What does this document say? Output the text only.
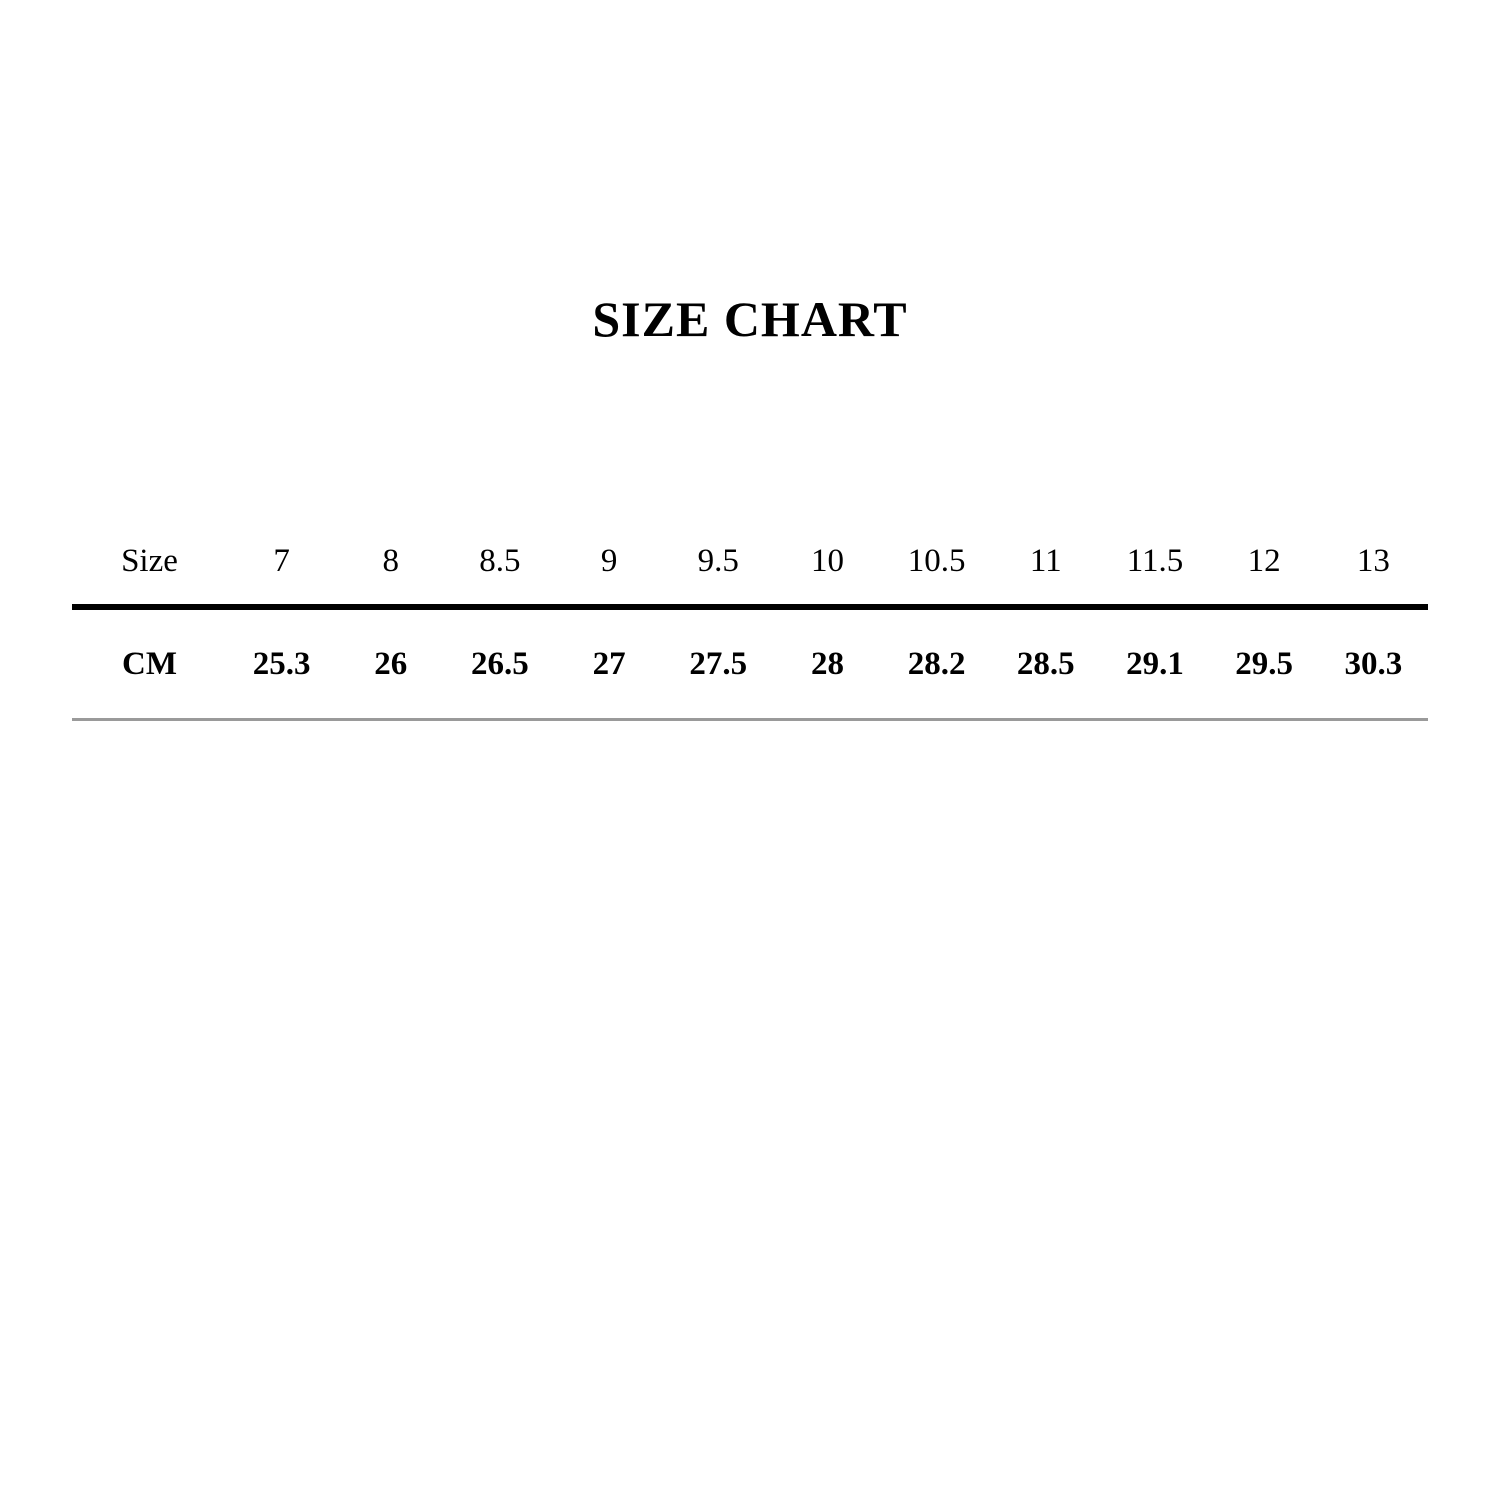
SIZE CHART
Size	7	8	8.5	9	9.5	10	10.5	11	11.5	12	13
CM	25.3	26	26.5	27	27.5	28	28.2	28.5	29.1	29.5	30.3
